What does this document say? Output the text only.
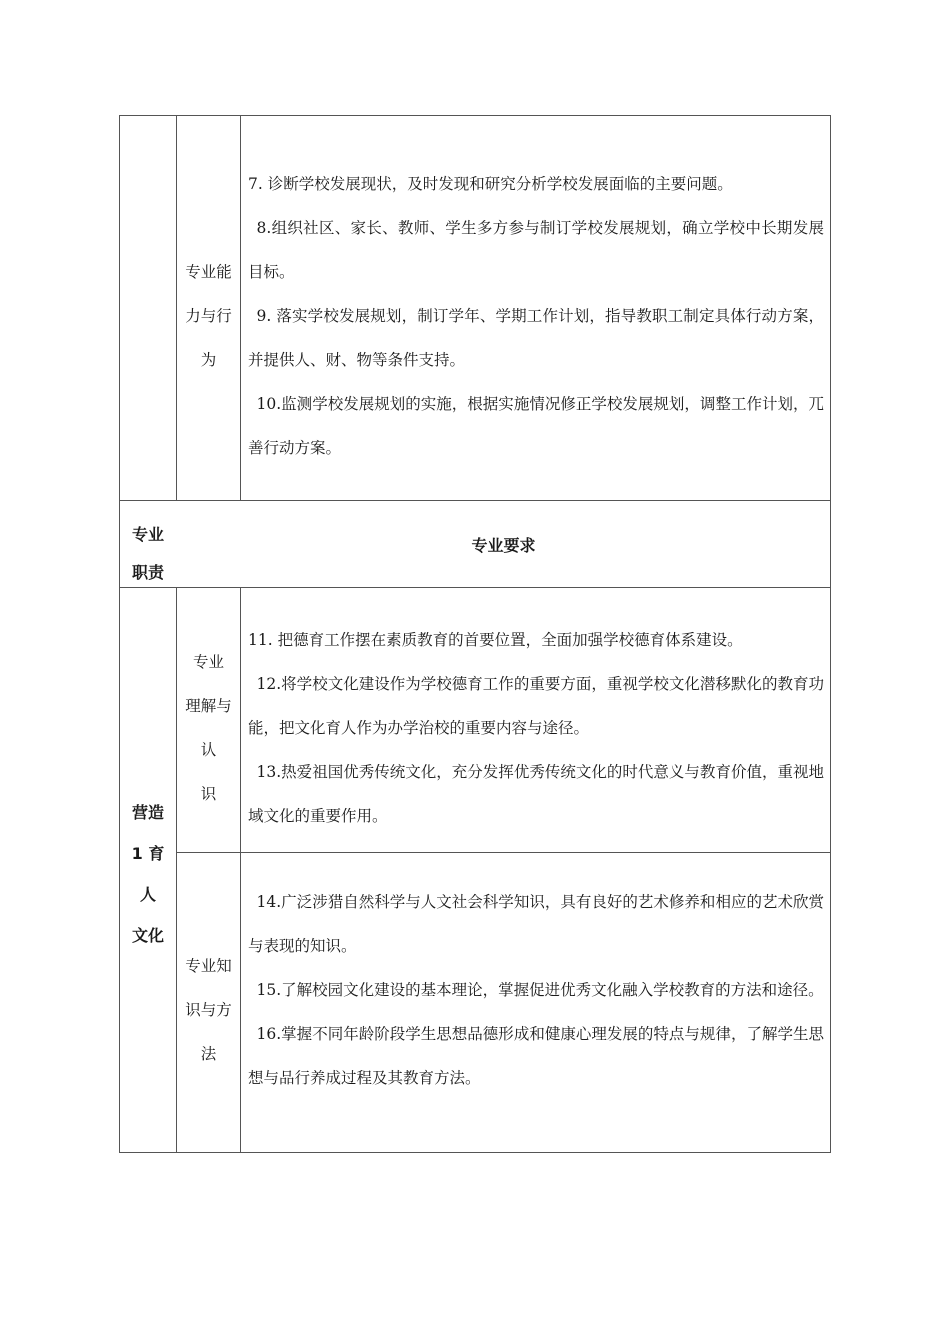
专业能
力与行
为

7. 诊断学校发展现状，及时发现和研究分析学校发展面临的主要问题。

8.组织社区、家长、教师、学生多方参与制订学校发展规划，确立学校中长期发展目标。

9. 落实学校发展规划，制订学年、学期工作计划，指导教职工制定具体行动方案，并提供人、财、物等条件支持。

10.监测学校发展规划的实施，根据实施情况修正学校发展规划，调整工作计划，兀善行动方案。

专业
职责
专业要求
营造
1 育
人
文化
专业
理解与
认
识

11. 把德育工作摆在素质教育的首要位置，全面加强学校德育体系建设。

12.将学校文化建设作为学校德育工作的重要方面，重视学校文化潜移默化的教育功能，把文化育人作为办学治校的重要内容与途径。

13.热爱祖国优秀传统文化，充分发挥优秀传统文化的时代意义与教育价值，重视地域文化的重要作用。

专业知
识与方
法

14.广泛涉猎自然科学与人文社会科学知识，具有良好的艺术修养和相应的艺术欣赏与表现的知识。

15.了解校园文化建设的基本理论，掌握促进优秀文化融入学校教育的方法和途径。

16.掌握不同年龄阶段学生思想品德形成和健康心理发展的特点与规律，了解学生思想与品行养成过程及其教育方法。
